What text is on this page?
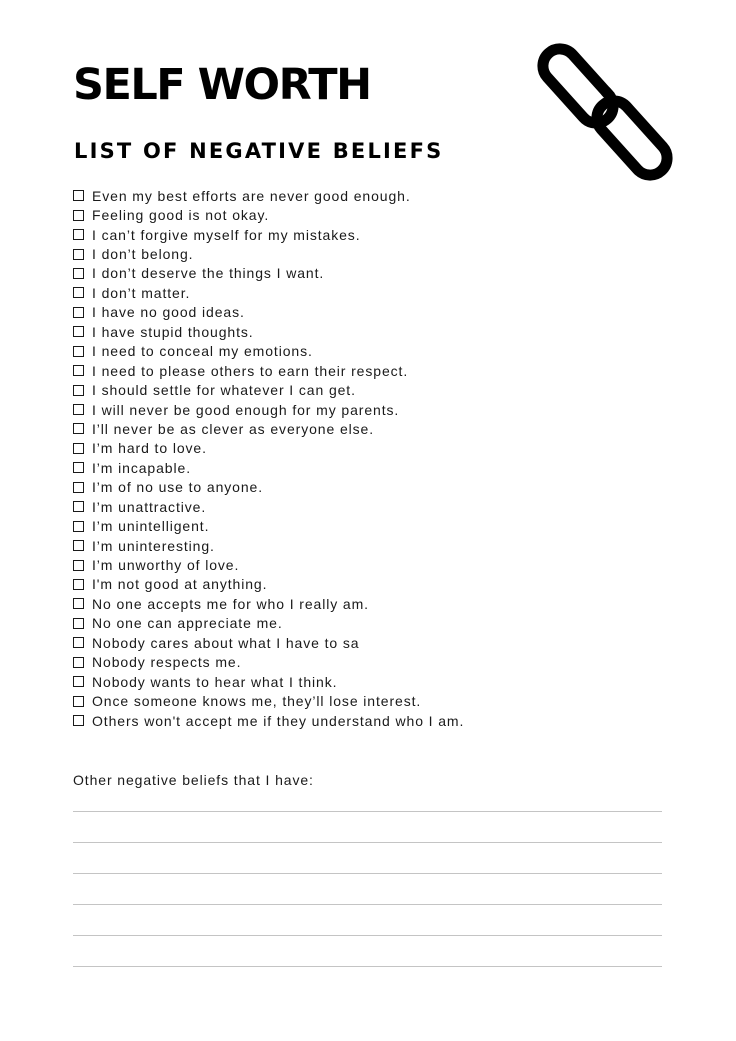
SELF WORTH
LIST OF NEGATIVE BELIEFS
Even my best efforts are never good enough.
Feeling good is not okay.
I can’t forgive myself for my mistakes.
I don’t belong.
I don’t deserve the things I want.
I don’t matter.
I have no good ideas.
I have stupid thoughts.
I need to conceal my emotions.
I need to please others to earn their respect.
I should settle for whatever I can get.
I will never be good enough for my parents.
I’ll never be as clever as everyone else.
I’m hard to love.
I’m incapable.
I’m of no use to anyone.
I’m unattractive.
I’m unintelligent.
I’m uninteresting.
I’m unworthy of love.
I'm not good at anything.
No one accepts me for who I really am.
No one can appreciate me.
Nobody cares about what I have to sa
Nobody respects me.
Nobody wants to hear what I think.
Once someone knows me, they’ll lose interest.
Others won't accept me if they understand who I am.
Other negative beliefs that I have:
